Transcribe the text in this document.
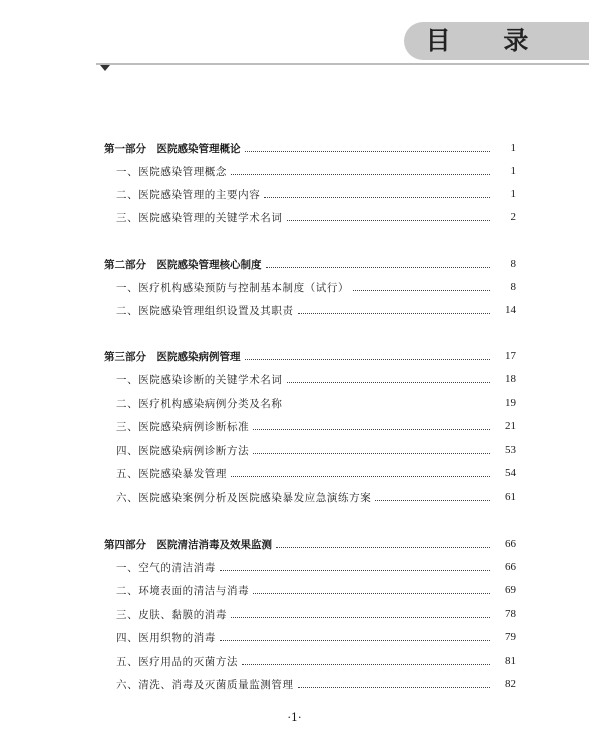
目 录
第一部分　医院感染管理概论	1
一、医院感染管理概念	1
二、医院感染管理的主要内容	1
三、医院感染管理的关键学术名词	2
第二部分　医院感染管理核心制度	8
一、医疗机构感染预防与控制基本制度（试行）	8
二、医院感染管理组织设置及其职责	14
第三部分　医院感染病例管理	17
一、医院感染诊断的关键学术名词	18
二、医疗机构感染病例分类及名称	19
三、医院感染病例诊断标准	21
四、医院感染病例诊断方法	53
五、医院感染暴发管理	54
六、医院感染案例分析及医院感染暴发应急演练方案	61
第四部分　医院清洁消毒及效果监测	66
一、空气的清洁消毒	66
二、环境表面的清洁与消毒	69
三、皮肤、黏膜的消毒	78
四、医用织物的消毒	79
五、医疗用品的灭菌方法	81
六、清洗、消毒及灭菌质量监测管理	82
·1·
